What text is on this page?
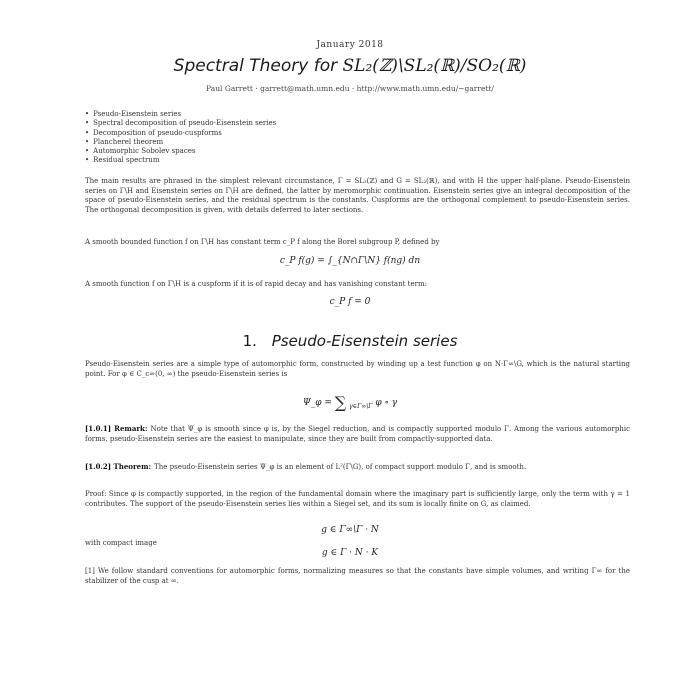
January 2018
Spectral Theory for SL₂(ℤ)\SL₂(ℝ)/SO₂(ℝ)
Paul Garrett · garrett@math.umn.edu · http://www.math.umn.edu/~garrett/
• Pseudo-Eisenstein series
• Spectral decomposition of pseudo-Eisenstein series
• Decomposition of pseudo-cuspforms
• Plancherel theorem
• Automorphic Sobolev spaces
• Residual spectrum

The main results are phrased in the simplest relevant circumstance, Γ = SL₂(ℤ) and G = SL₂(ℝ), and with H the upper half-plane. Pseudo-Eisenstein series on Γ\H and Eisenstein series on Γ\H are defined, the latter by meromorphic continuation. Eisenstein series give an integral decomposition of the space of pseudo-Eisenstein series, and the residual spectrum is the constants. Cuspforms are the orthogonal complement to pseudo-Eisenstein series. The orthogonal decomposition is given, with details deferred to later sections.

A smooth bounded function f on Γ\H has constant term c_P f along the Borel subgroup P, defined by

c_P f(g) = ∫_{N∩Γ\N} f(ng) dn

A smooth function f on Γ\H is a cuspform if it is of rapid decay and has vanishing constant term:

c_P f = 0
1. Pseudo-Eisenstein series

Pseudo-Eisenstein series are a simple type of automorphic form, constructed by winding up a test function φ on N·Γ∞\G, which is the natural starting point. For φ ∈ C_c∞(0, ∞) the pseudo-Eisenstein series is

Ψ_φ = ∑ $_{\gamma\in\Gamma\infty\backslash\Gamma}$ φ ∘ γ

[1.0.1] Remark: Note that Ψ_φ is smooth since φ is, by the Siegel reduction, and is compactly supported modulo Γ. Among the various automorphic forms, pseudo-Eisenstein series are the easiest to manipulate, since they are built from compactly-supported data.

[1.0.2] Theorem: The pseudo-Eisenstein series Ψ_φ is an element of L²(Γ\G), of compact support modulo Γ, and is smooth.

Proof: Since φ is compactly supported, in the region of the fundamental domain where the imaginary part is sufficiently large, only the term with γ = 1 contributes. The support of the pseudo-Eisenstein series lies within a Siegel set, and its sum is locally finite on G, as claimed.

g ∈ Γ∞\Γ · N

with compact image

g ∈ Γ · N · K

[1] We follow standard conventions for automorphic forms, normalizing measures so that the constants have simple volumes, and writing Γ∞ for the stabilizer of the cusp at ∞.
